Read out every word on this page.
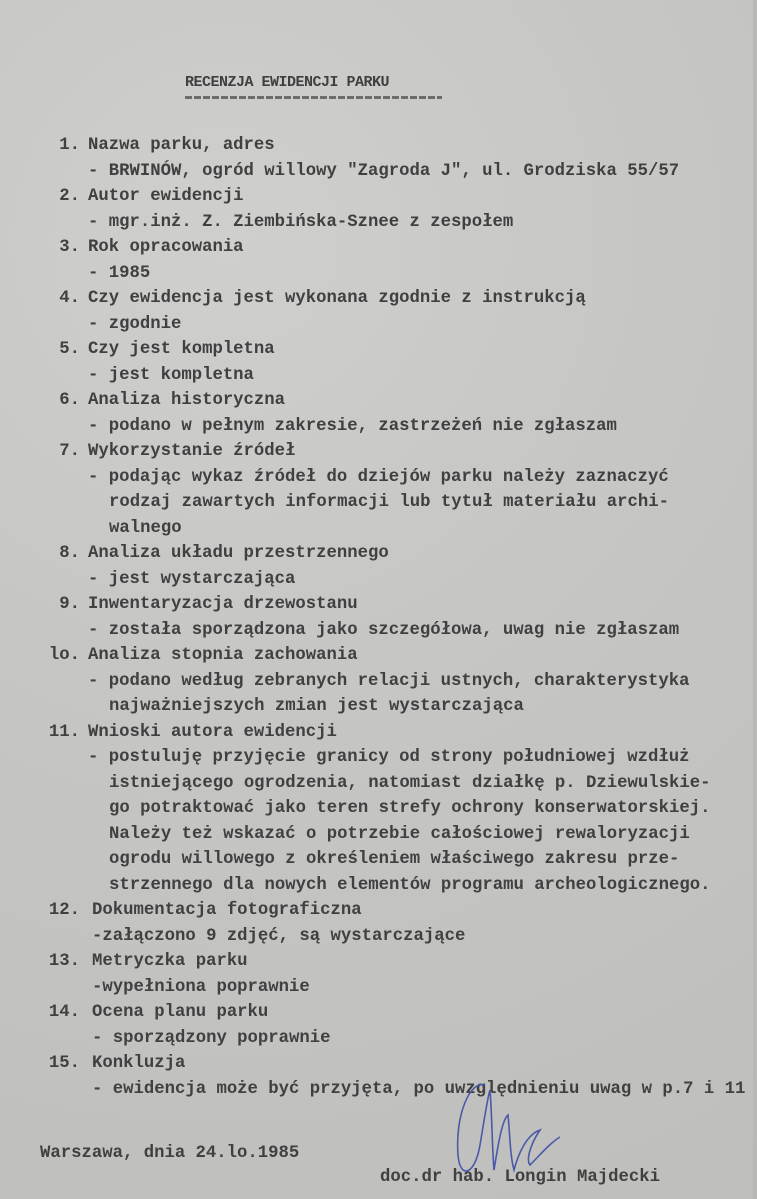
RECENZJA EWIDENCJI PARKU
1. Nazwa parku, adres
- BRWINÓW, ogród willowy "Zagroda J", ul. Grodziska 55/57
2. Autor ewidencji
- mgr.inż. Z. Ziembińska-Sznee z zespołem
3. Rok opracowania
- 1985
4. Czy ewidencja jest wykonana zgodnie z instrukcją
- zgodnie
5. Czy jest kompletna
- jest kompletna
6. Analiza historyczna
- podano w pełnym zakresie, zastrzeżeń nie zgłaszam
7. Wykorzystanie źródeł
- podając wykaz źródeł do dziejów parku należy zaznaczyć
rodzaj zawartych informacji lub tytuł materiału archi-
walnego
8. Analiza układu przestrzennego
- jest wystarczająca
9. Inwentaryzacja drzewostanu
- została sporządzona jako szczegółowa, uwag nie zgłaszam
lo. Analiza stopnia zachowania
- podano według zebranych relacji ustnych, charakterystyka
najważniejszych zmian jest wystarczająca
11. Wnioski autora ewidencji
- postuluję przyjęcie granicy od strony południowej wzdłuż
istniejącego ogrodzenia, natomiast działkę p. Dziewulskie-
go potraktować jako teren strefy ochrony konserwatorskiej.
Należy też wskazać o potrzebie całościowej rewaloryzacji
ogrodu willowego z określeniem właściwego zakresu prze-
strzennego dla nowych elementów programu archeologicznego.
12. Dokumentacja fotograficzna
-załączono 9 zdjęć, są wystarczające
13. Metryczka parku
-wypełniona poprawnie
14. Ocena planu parku
- sporządzony poprawnie
15. Konkluzja
- ewidencja może być przyjęta, po uwzględnieniu uwag w p.7 i 11
Warszawa, dnia 24.lo.1985
doc.dr hab. Longin Majdecki
